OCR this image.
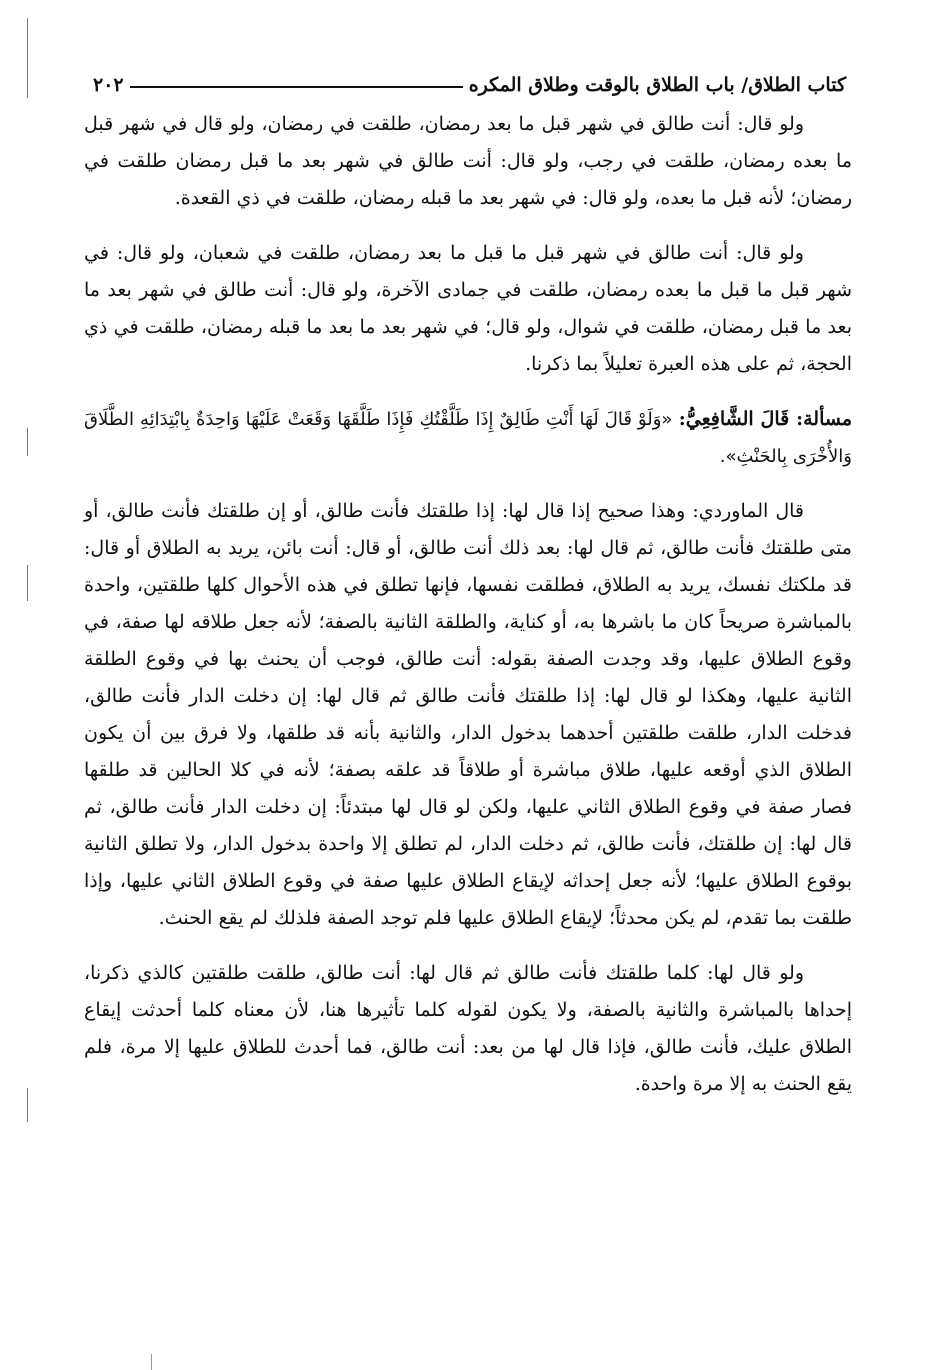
كتاب الطلاق/ باب الطلاق بالوقت وطلاق المكره
٢٠٢

ولو قال: أنت طالق في شهر قبل ما بعد رمضان، طلقت في رمضان، ولو قال في شهر قبل ما بعده رمضان، طلقت في رجب، ولو قال: أنت طالق في شهر بعد ما قبل رمضان طلقت في رمضان؛ لأنه قبل ما بعده، ولو قال: في شهر بعد ما قبله رمضان، طلقت في ذي القعدة.

ولو قال: أنت طالق في شهر قبل ما قبل ما بعد رمضان، طلقت في شعبان، ولو قال: في شهر قبل ما قبل ما بعده رمضان، طلقت في جمادى الآخرة، ولو قال: أنت طالق في شهر بعد ما بعد ما قبل رمضان، طلقت في شوال، ولو قال؛ في شهر بعد ما بعد ما قبله رمضان، طلقت في ذي الحجة، ثم على هذه العبرة تعليلاً بما ذكرنا.

مسألة: قَالَ الشَّافِعِيُّ: «وَلَوْ قَالَ لَهَا أَنْتِ طَالِقٌ إِذَا طَلَّقْتُكِ فَإِذَا طَلَّقَهَا وَقَعَتْ عَلَيْهَا وَاحِدَةٌ بِابْتِدَائِهِ الطَّلَاقَ وَالأُخْرَى بِالحَنْثِ».

قال الماوردي: وهذا صحيح إذا قال لها: إذا طلقتك فأنت طالق، أو إن طلقتك فأنت طالق، أو متى طلقتك فأنت طالق، ثم قال لها: بعد ذلك أنت طالق، أو قال: أنت بائن، يريد به الطلاق أو قال: قد ملكتك نفسك، يريد به الطلاق، فطلقت نفسها، فإنها تطلق في هذه الأحوال كلها طلقتين، واحدة بالمباشرة صريحاً كان ما باشرها به، أو كناية، والطلقة الثانية بالصفة؛ لأنه جعل طلاقه لها صفة، في وقوع الطلاق عليها، وقد وجدت الصفة بقوله: أنت طالق، فوجب أن يحنث بها في وقوع الطلقة الثانية عليها، وهكذا لو قال لها: إذا طلقتك فأنت طالق ثم قال لها: إن دخلت الدار فأنت طالق، فدخلت الدار، طلقت طلقتين أحدهما بدخول الدار، والثانية بأنه قد طلقها، ولا فرق بين أن يكون الطلاق الذي أوقعه عليها، طلاق مباشرة أو طلاقاً قد علقه بصفة؛ لأنه في كلا الحالين قد طلقها فصار صفة في وقوع الطلاق الثاني عليها، ولكن لو قال لها مبتدئاً: إن دخلت الدار فأنت طالق، ثم قال لها: إن طلقتك، فأنت طالق، ثم دخلت الدار، لم تطلق إلا واحدة بدخول الدار، ولا تطلق الثانية بوقوع الطلاق عليها؛ لأنه جعل إحداثه لإيقاع الطلاق عليها صفة في وقوع الطلاق الثاني عليها، وإذا طلقت بما تقدم، لم يكن محدثاً؛ لإيقاع الطلاق عليها فلم توجد الصفة فلذلك لم يقع الحنث.

ولو قال لها: كلما طلقتك فأنت طالق ثم قال لها: أنت طالق، طلقت طلقتين كالذي ذكرنا، إحداها بالمباشرة والثانية بالصفة، ولا يكون لقوله كلما تأثيرها هنا، لأن معناه كلما أحدثت إيقاع الطلاق عليك، فأنت طالق، فإذا قال لها من بعد: أنت طالق، فما أحدث للطلاق عليها إلا مرة، فلم يقع الحنث به إلا مرة واحدة.
